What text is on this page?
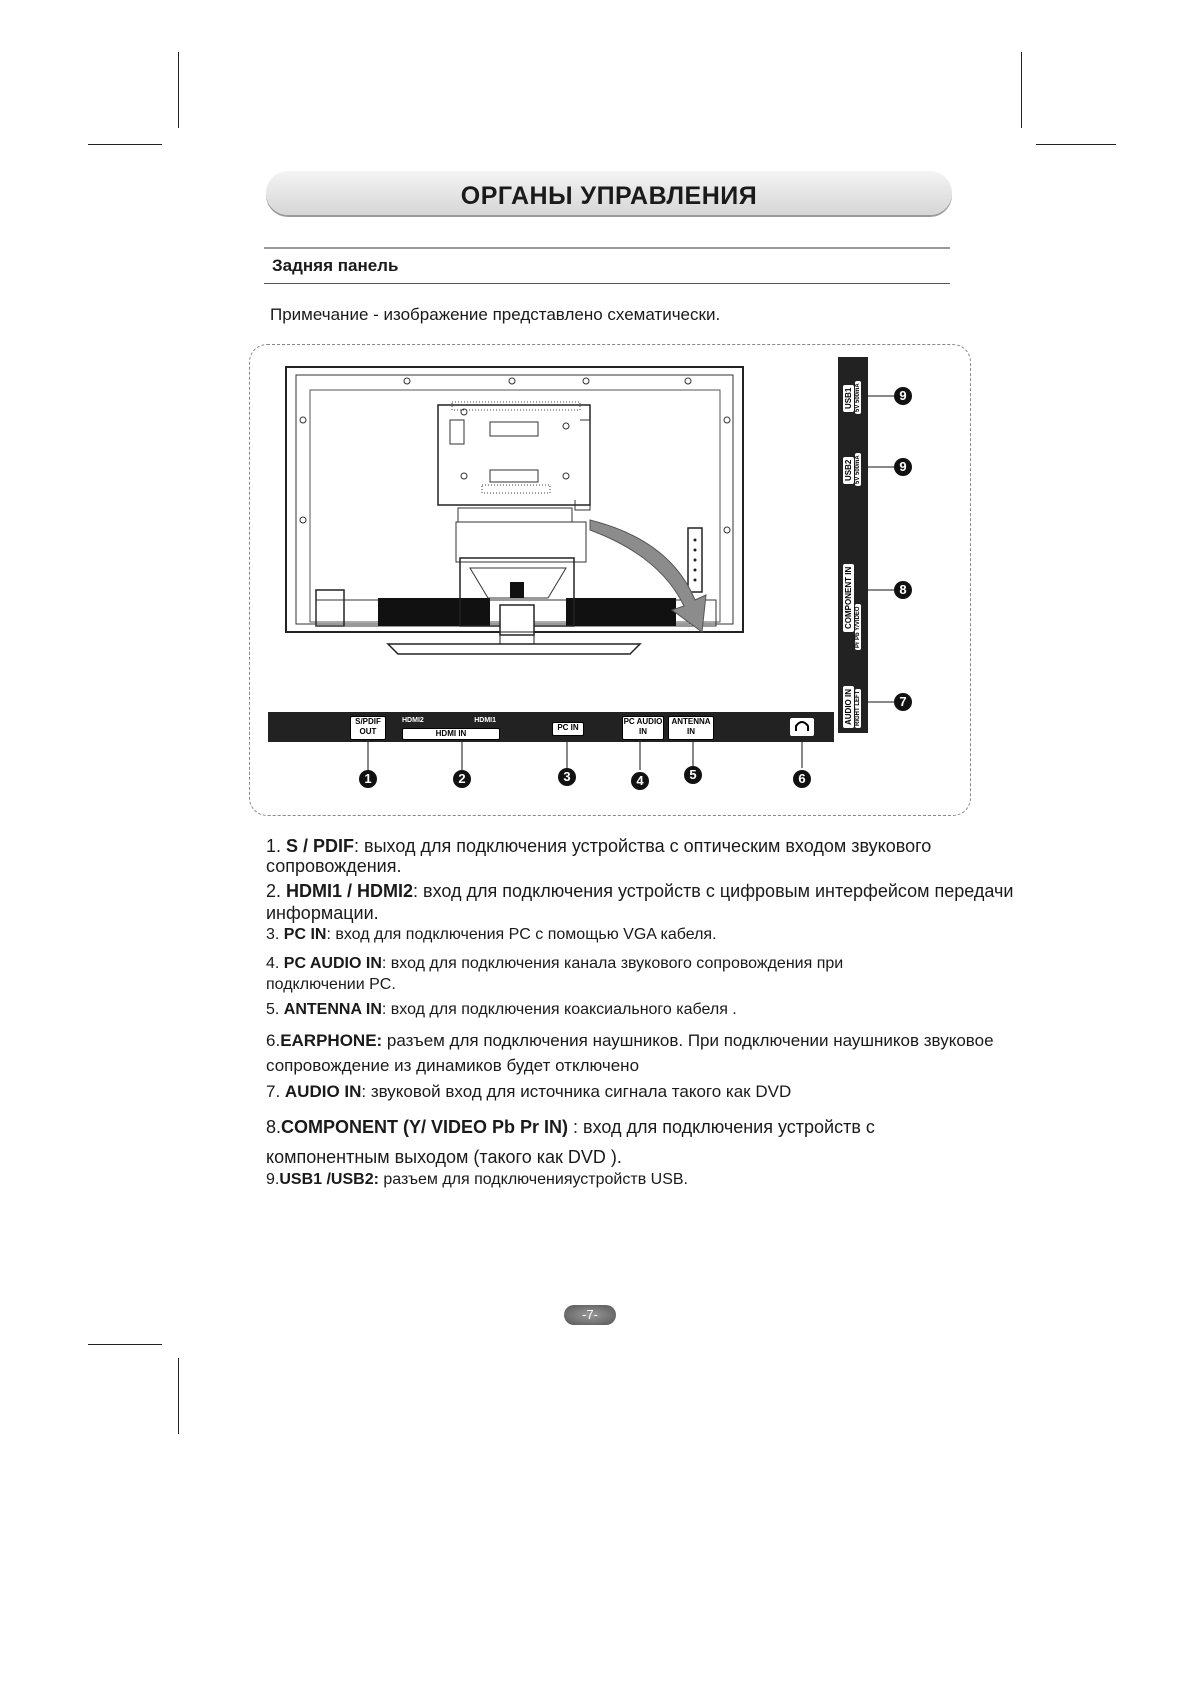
ОРГАНЫ УПРАВЛЕНИЯ
Задняя панель
Примечание - изображение представлено схематически.
S/PDIF OUT
HDMI2	HDMI1
HDMI IN
PC IN
PC AUDIO IN
ANTENNA IN
USB1 5V 500mA
USB2 5V 500mA
COMPONENT IN Pr Pb Y/VIDEO
AUDIO IN RIGHT LEFT
1	2	3	4	5	6
9
9
8
7
1. S / PDIF: выход для подключения устройства с оптическим входом звукового сопровождения.
2. HDMI1 / HDMI2: вход для подключения устройств с цифровым интерфейсом передачи информации.
3. PC IN: вход для подключения PC с помощью VGA кабеля.
4. PC AUDIO IN: вход для подключения канала звукового сопровождения при подключении PC.
5. ANTENNA IN: вход для подключения коаксиального кабеля .
6.EARPHONE: разъем для подключения наушников. При подключении наушников звуковое сопровождение из динамиков будет отключено
7. AUDIO IN: звуковой вход для источника сигнала такого как DVD
8.COMPONENT (Y/ VIDEO Pb Pr IN) : вход для подключения устройств с компонентным выходом (такого как DVD ).
9.USB1 /USB2: разъем для подключенияустройств USB.
-7-
